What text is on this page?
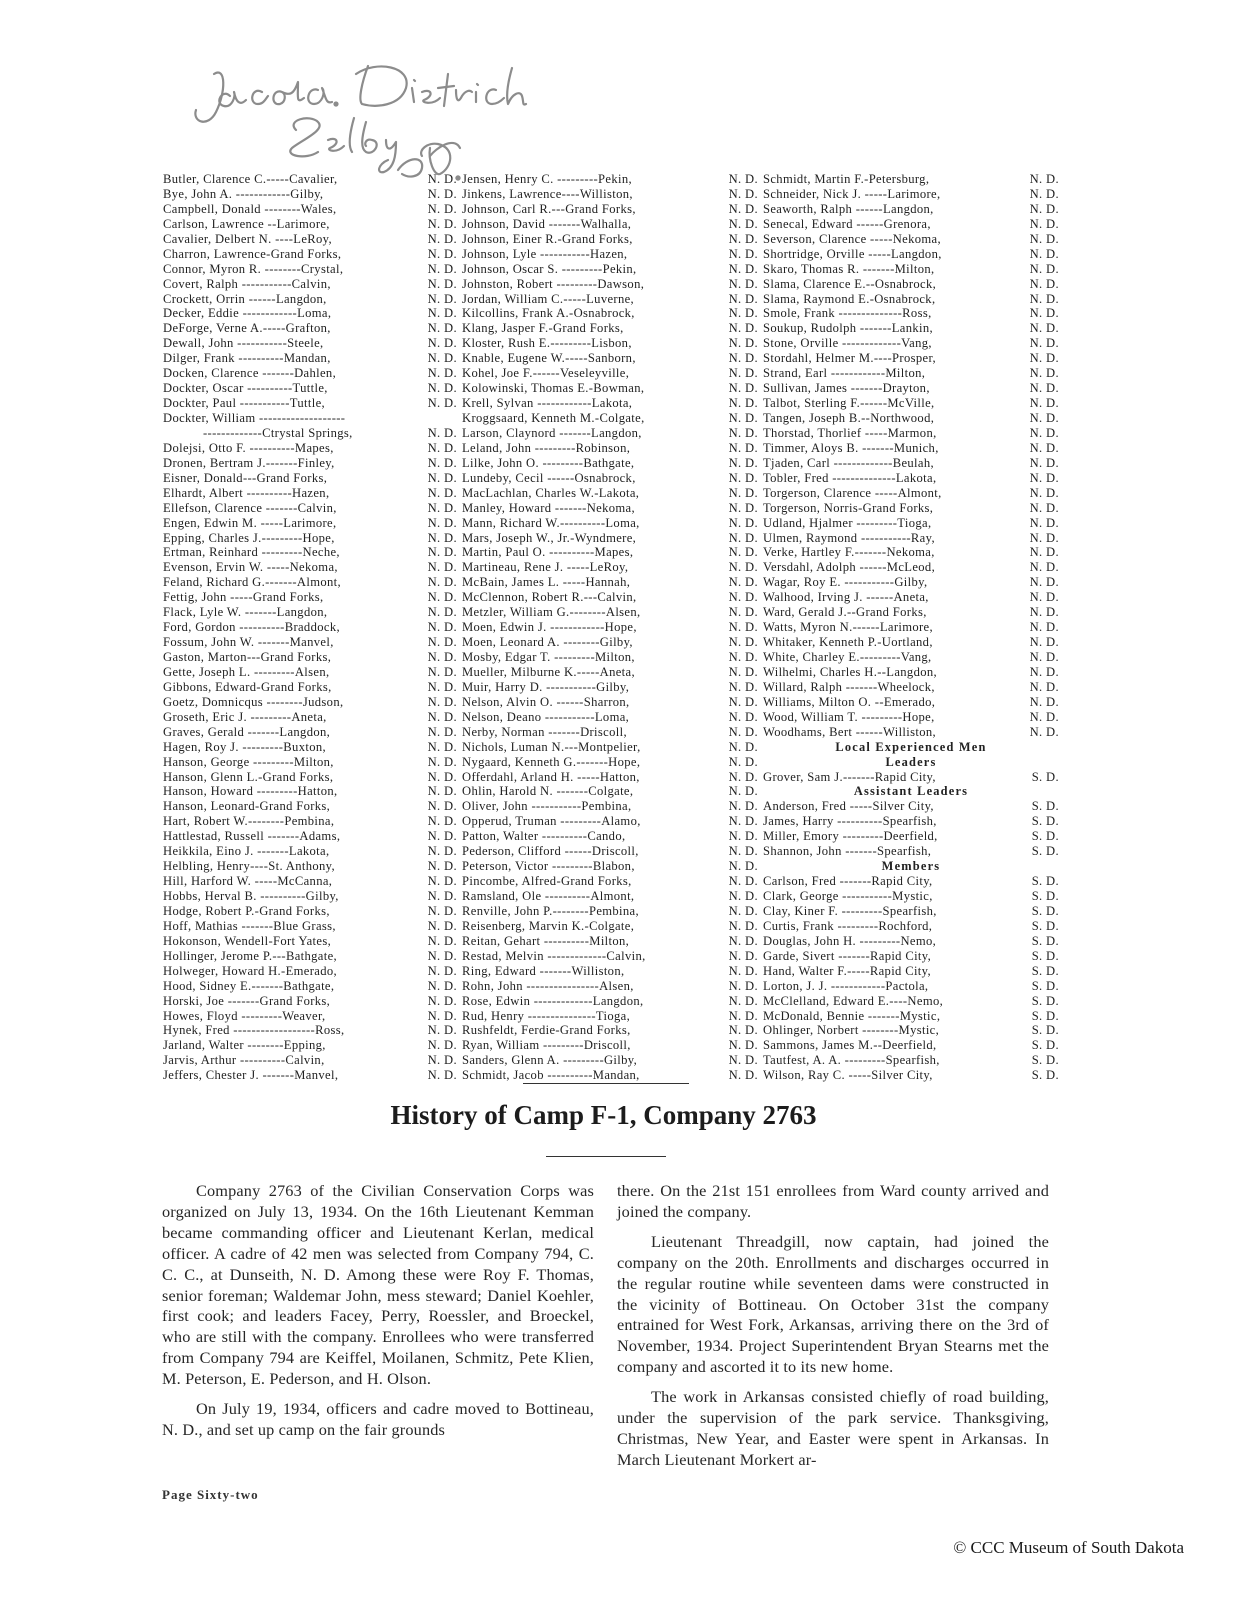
Butler, Clarence C.-----Cavalier,	N. D.
Bye, John A. ------------Gilby,	N. D.
Campbell, Donald --------Wales,	N. D.
Carlson, Lawrence --Larimore,	N. D.
Cavalier, Delbert N. ----LeRoy,	N. D.
Charron, Lawrence-Grand Forks,	N. D.
Connor, Myron R. --------Crystal,	N. D.
Covert, Ralph -----------Calvin,	N. D.
Crockett, Orrin ------Langdon,	N. D.
Decker, Eddie ------------Loma,	N. D.
DeForge, Verne A.-----Grafton,	N. D.
Dewall, John -----------Steele,	N. D.
Dilger, Frank ----------Mandan,	N. D.
Docken, Clarence -------Dahlen,	N. D.
Dockter, Oscar ----------Tuttle,	N. D.
Dockter, Paul -----------Tuttle,	N. D.
Dockter, William -------------------
-------------Ctrystal Springs,	N. D.
Dolejsi, Otto F. ----------Mapes,	N. D.
Dronen, Bertram J.-------Finley,	N. D.
Eisner, Donald---Grand Forks,	N. D.
Elhardt, Albert ----------Hazen,	N. D.
Ellefson, Clarence -------Calvin,	N. D.
Engen, Edwin M. -----Larimore,	N. D.
Epping, Charles J.---------Hope,	N. D.
Ertman, Reinhard ---------Neche,	N. D.
Evenson, Ervin W. -----Nekoma,	N. D.
Feland, Richard G.-------Almont,	N. D.
Fettig, John -----Grand Forks,	N. D.
Flack, Lyle W. -------Langdon,	N. D.
Ford, Gordon ----------Braddock,	N. D.
Fossum, John W. -------Manvel,	N. D.
Gaston, Marton---Grand Forks,	N. D.
Gette, Joseph L. ---------Alsen,	N. D.
Gibbons, Edward-Grand Forks,	N. D.
Goetz, Domnicqus --------Judson,	N. D.
Groseth, Eric J. ---------Aneta,	N. D.
Graves, Gerald -------Langdon,	N. D.
Hagen, Roy J. ---------Buxton,	N. D.
Hanson, George ---------Milton,	N. D.
Hanson, Glenn L.-Grand Forks,	N. D.
Hanson, Howard ---------Hatton,	N. D.
Hanson, Leonard-Grand Forks,	N. D.
Hart, Robert W.--------Pembina,	N. D.
Hattlestad, Russell -------Adams,	N. D.
Heikkila, Eino J. -------Lakota,	N. D.
Helbling, Henry----St. Anthony,	N. D.
Hill, Harford W. -----McCanna,	N. D.
Hobbs, Herval B. ----------Gilby,	N. D.
Hodge, Robert P.-Grand Forks,	N. D.
Hoff, Mathias -------Blue Grass,	N. D.
Hokonson, Wendell-Fort Yates,	N. D.
Hollinger, Jerome P.---Bathgate,	N. D.
Holweger, Howard H.-Emerado,	N. D.
Hood, Sidney E.-------Bathgate,	N. D.
Horski, Joe -------Grand Forks,	N. D.
Howes, Floyd ---------Weaver,	N. D.
Hynek, Fred ------------------Ross,	N. D.
Jarland, Walter --------Epping,	N. D.
Jarvis, Arthur ----------Calvin,	N. D.
Jeffers, Chester J. -------Manvel,	N. D.
Jensen, Henry C. ---------Pekin,	N. D.
Jinkens, Lawrence----Williston,	N. D.
Johnson, Carl R.---Grand Forks,	N. D.
Johnson, David -------Walhalla,	N. D.
Johnson, Einer R.-Grand Forks,	N. D.
Johnson, Lyle -----------Hazen,	N. D.
Johnson, Oscar S. ---------Pekin,	N. D.
Johnston, Robert ---------Dawson,	N. D.
Jordan, William C.-----Luverne,	N. D.
Kilcollins, Frank A.-Osnabrock,	N. D.
Klang, Jasper F.-Grand Forks,	N. D.
Kloster, Rush E.---------Lisbon,	N. D.
Knable, Eugene W.-----Sanborn,	N. D.
Kohel, Joe F.------Veseleyville,	N. D.
Kolowinski, Thomas E.-Bowman,	N. D.
Krell, Sylvan ------------Lakota,	N. D.
Kroggsaard, Kenneth M.-Colgate,	N. D.
Larson, Claynord -------Langdon,	N. D.
Leland, John ---------Robinson,	N. D.
Lilke, John O. ---------Bathgate,	N. D.
Lundeby, Cecil ------Osnabrock,	N. D.
MacLachlan, Charles W.-Lakota,	N. D.
Manley, Howard -------Nekoma,	N. D.
Mann, Richard W.----------Loma,	N. D.
Mars, Joseph W., Jr.-Wyndmere,	N. D.
Martin, Paul O. ----------Mapes,	N. D.
Martineau, Rene J. -----LeRoy,	N. D.
McBain, James L. -----Hannah,	N. D.
McClennon, Robert R.---Calvin,	N. D.
Metzler, William G.--------Alsen,	N. D.
Moen, Edwin J. ------------Hope,	N. D.
Moen, Leonard A. --------Gilby,	N. D.
Mosby, Edgar T. ---------Milton,	N. D.
Mueller, Milburne K.-----Aneta,	N. D.
Muir, Harry D. -----------Gilby,	N. D.
Nelson, Alvin O. ------Sharron,	N. D.
Nelson, Deano -----------Loma,	N. D.
Nerby, Norman -------Driscoll,	N. D.
Nichols, Luman N.---Montpelier,	N. D.
Nygaard, Kenneth G.-------Hope,	N. D.
Offerdahl, Arland H. -----Hatton,	N. D.
Ohlin, Harold N. -------Colgate,	N. D.
Oliver, John -----------Pembina,	N. D.
Opperud, Truman ---------Alamo,	N. D.
Patton, Walter ----------Cando,	N. D.
Pederson, Clifford ------Driscoll,	N. D.
Peterson, Victor ---------Blabon,	N. D.
Pincombe, Alfred-Grand Forks,	N. D.
Ramsland, Ole ----------Almont,	N. D.
Renville, John P.--------Pembina,	N. D.
Reisenberg, Marvin K.-Colgate,	N. D.
Reitan, Gehart ----------Milton,	N. D.
Restad, Melvin -------------Calvin,	N. D.
Ring, Edward -------Williston,	N. D.
Rohn, John ----------------Alsen,	N. D.
Rose, Edwin -------------Langdon,	N. D.
Rud, Henry ---------------Tioga,	N. D.
Rushfeldt, Ferdie-Grand Forks,	N. D.
Ryan, William ---------Driscoll,	N. D.
Sanders, Glenn A. ---------Gilby,	N. D.
Schmidt, Jacob ----------Mandan,	N. D.
Schmidt, Martin F.-Petersburg,	N. D.
Schneider, Nick J. -----Larimore,	N. D.
Seaworth, Ralph ------Langdon,	N. D.
Senecal, Edward ------Grenora,	N. D.
Severson, Clarence -----Nekoma,	N. D.
Shortridge, Orville -----Langdon,	N. D.
Skaro, Thomas R. -------Milton,	N. D.
Slama, Clarence E.--Osnabrock,	N. D.
Slama, Raymond E.-Osnabrock,	N. D.
Smole, Frank --------------Ross,	N. D.
Soukup, Rudolph -------Lankin,	N. D.
Stone, Orville -------------Vang,	N. D.
Stordahl, Helmer M.----Prosper,	N. D.
Strand, Earl ------------Milton,	N. D.
Sullivan, James -------Drayton,	N. D.
Talbot, Sterling F.------McVille,	N. D.
Tangen, Joseph B.--Northwood,	N. D.
Thorstad, Thorlief -----Marmon,	N. D.
Timmer, Aloys B. -------Munich,	N. D.
Tjaden, Carl -------------Beulah,	N. D.
Tobler, Fred --------------Lakota,	N. D.
Torgerson, Clarence -----Almont,	N. D.
Torgerson, Norris-Grand Forks,	N. D.
Udland, Hjalmer ---------Tioga,	N. D.
Ulmen, Raymond -----------Ray,	N. D.
Verke, Hartley F.-------Nekoma,	N. D.
Versdahl, Adolph ------McLeod,	N. D.
Wagar, Roy E. -----------Gilby,	N. D.
Walhood, Irving J. ------Aneta,	N. D.
Ward, Gerald J.--Grand Forks,	N. D.
Watts, Myron N.------Larimore,	N. D.
Whitaker, Kenneth P.-Uortland,	N. D.
White, Charley E.---------Vang,	N. D.
Wilhelmi, Charles H.--Langdon,	N. D.
Willard, Ralph -------Wheelock,	N. D.
Williams, Milton O. --Emerado,	N. D.
Wood, William T. ---------Hope,	N. D.
Woodhams, Bert ------Williston,	N. D.
Local Experienced Men
Leaders
Grover, Sam J.-------Rapid City,	S. D.
Assistant Leaders
Anderson, Fred -----Silver City,	S. D.
James, Harry ----------Spearfish,	S. D.
Miller, Emory ---------Deerfield,	S. D.
Shannon, John -------Spearfish,	S. D.
Members
Carlson, Fred -------Rapid City,	S. D.
Clark, George -----------Mystic,	S. D.
Clay, Kiner F. ---------Spearfish,	S. D.
Curtis, Frank ---------Rochford,	S. D.
Douglas, John H. ---------Nemo,	S. D.
Garde, Sivert -------Rapid City,	S. D.
Hand, Walter F.-----Rapid City,	S. D.
Lorton, J. J. ------------Pactola,	S. D.
McClelland, Edward E.----Nemo,	S. D.
McDonald, Bennie -------Mystic,	S. D.
Ohlinger, Norbert --------Mystic,	S. D.
Sammons, James M.--Deerfield,	S. D.
Tautfest, A. A. ---------Spearfish,	S. D.
Wilson, Ray C. -----Silver City,	S. D.
History of Camp F-1, Company 2763

Company 2763 of the Civilian Conservation Corps was organized on July 13, 1934. On the 16th Lieutenant Kemman became commanding officer and Lieutenant Kerlan, medical officer. A cadre of 42 men was selected from Company 794, C. C. C., at Dunseith, N. D. Among these were Roy F. Thomas, senior foreman; Waldemar John, mess steward; Daniel Koehler, first cook; and leaders Facey, Perry, Roessler, and Broeckel, who are still with the company. Enrollees who were transferred from Company 794 are Keiffel, Moilanen, Schmitz, Pete Klien, M. Peterson, E. Pederson, and H. Olson.

On July 19, 1934, officers and cadre moved to Bottineau, N. D., and set up camp on the fair grounds

there. On the 21st 151 enrollees from Ward county arrived and joined the company.

Lieutenant Threadgill, now captain, had joined the company on the 20th. Enrollments and discharges occurred in the regular routine while seventeen dams were constructed in the vicinity of Bottineau. On October 31st the company entrained for West Fork, Arkansas, arriving there on the 3rd of November, 1934. Project Superintendent Bryan Stearns met the company and ascorted it to its new home.

The work in Arkansas consisted chiefly of road building, under the supervision of the park service. Thanksgiving, Christmas, New Year, and Easter were spent in Arkansas. In March Lieutenant Morkert ar-

Page Sixty-two
© CCC Museum of South Dakota
